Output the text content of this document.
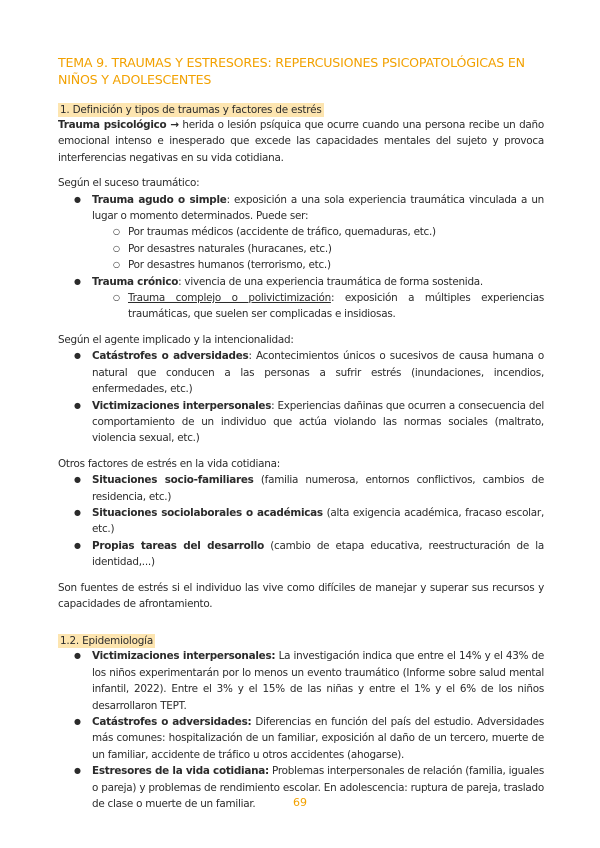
TEMA 9. TRAUMAS Y ESTRESORES: REPERCUSIONES PSICOPATOLÓGICAS EN NIÑOS Y ADOLESCENTES
1. Definición y tipos de traumas y factores de estrés

Trauma psicológico → herida o lesión psíquica que ocurre cuando una persona recibe un daño emocional intenso e inesperado que excede las capacidades mentales del sujeto y provoca interferencias negativas en su vida cotidiana.

Según el suceso traumático:

● Trauma agudo o simple: exposición a una sola experiencia traumática vinculada a un lugar o momento determinados. Puede ser:
○ Por traumas médicos (accidente de tráfico, quemaduras, etc.)
○ Por desastres naturales (huracanes, etc.)
○ Por desastres humanos (terrorismo, etc.)
● Trauma crónico: vivencia de una experiencia traumática de forma sostenida.
○ Trauma complejo o polivictimización: exposición a múltiples experiencias traumáticas, que suelen ser complicadas e insidiosas.

Según el agente implicado y la intencionalidad:

● Catástrofes o adversidades: Acontecimientos únicos o sucesivos de causa humana o natural que conducen a las personas a sufrir estrés (inundaciones, incendios, enfermedades, etc.)
● Victimizaciones interpersonales: Experiencias dañinas que ocurren a consecuencia del comportamiento de un individuo que actúa violando las normas sociales (maltrato, violencia sexual, etc.)

Otros factores de estrés en la vida cotidiana:

● Situaciones socio-familiares (familia numerosa, entornos conflictivos, cambios de residencia, etc.)
● Situaciones sociolaborales o académicas (alta exigencia académica, fracaso escolar, etc.)
● Propias tareas del desarrollo (cambio de etapa educativa, reestructuración de la identidad,...)

Son fuentes de estrés si el individuo las vive como difíciles de manejar y superar sus recursos y capacidades de afrontamiento.

1.2. Epidemiología
● Victimizaciones interpersonales: La investigación indica que entre el 14% y el 43% de los niños experimentarán por lo menos un evento traumático (Informe sobre salud mental infantil, 2022). Entre el 3% y el 15% de las niñas y entre el 1% y el 6% de los niños desarrollaron TEPT.
● Catástrofes o adversidades: Diferencias en función del país del estudio. Adversidades más comunes: hospitalización de un familiar, exposición al daño de un tercero, muerte de un familiar, accidente de tráfico u otros accidentes (ahogarse).
● Estresores de la vida cotidiana: Problemas interpersonales de relación (familia, iguales o pareja) y problemas de rendimiento escolar. En adolescencia: ruptura de pareja, traslado de clase o muerte de un familiar.	69
